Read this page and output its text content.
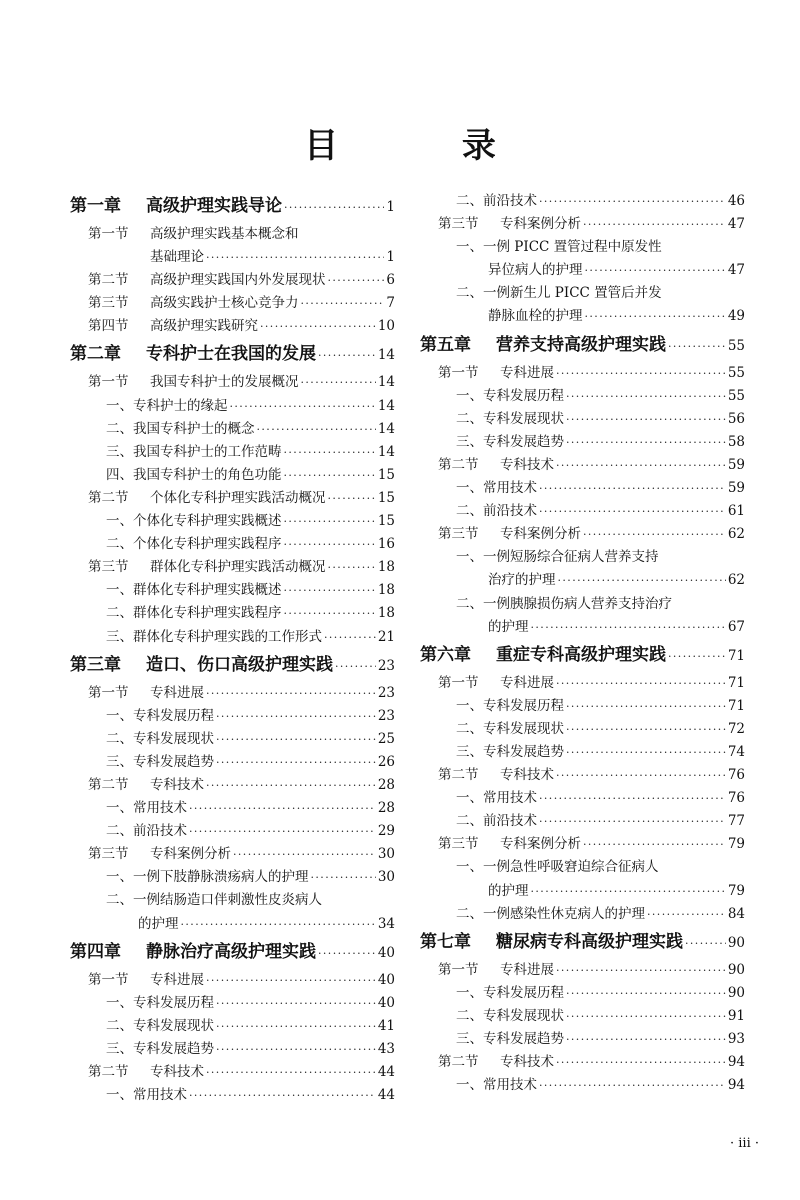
目 录
第一章	高级护理实践导论 ·····	1
第一节	高级护理实践基本概念和
基础理论 ·····	1
第二节	高级护理实践国内外发展现状 ·····	6
第三节	高级实践护士核心竞争力 ·····	7
第四节	高级护理实践研究 ·····	10
第二章	专科护士在我国的发展 ·····	14
第一节	我国专科护士的发展概况 ·····	14
一、专科护士的缘起 ·····	14
二、我国专科护士的概念 ·····	14
三、我国专科护士的工作范畴 ·····	14
四、我国专科护士的角色功能 ·····	15
第二节	个体化专科护理实践活动概况 ·····	15
一、个体化专科护理实践概述 ·····	15
二、个体化专科护理实践程序 ·····	16
第三节	群体化专科护理实践活动概况 ·····	18
一、群体化专科护理实践概述 ·····	18
二、群体化专科护理实践程序 ·····	18
三、群体化专科护理实践的工作形式 ·····	21
第三章	造口、伤口高级护理实践 ·····	23
第一节	专科进展 ·····	23
一、专科发展历程 ·····	23
二、专科发展现状 ·····	25
三、专科发展趋势 ·····	26
第二节	专科技术 ·····	28
一、常用技术 ·····	28
二、前沿技术 ·····	29
第三节	专科案例分析 ·····	30
一、一例下肢静脉溃疡病人的护理 ·····	30
二、一例结肠造口伴刺激性皮炎病人
的护理 ·····	34
第四章	静脉治疗高级护理实践 ·····	40
第一节	专科进展 ·····	40
一、专科发展历程 ·····	40
二、专科发展现状 ·····	41
三、专科发展趋势 ·····	43
第二节	专科技术 ·····	44
一、常用技术 ·····	44
二、前沿技术 ·····	46
第三节	专科案例分析 ·····	47
一、一例 PICC 置管过程中原发性
异位病人的护理 ·····	47
二、一例新生儿 PICC 置管后并发
静脉血栓的护理 ·····	49
第五章	营养支持高级护理实践 ·····	55
第一节	专科进展 ·····	55
一、专科发展历程 ·····	55
二、专科发展现状 ·····	56
三、专科发展趋势 ·····	58
第二节	专科技术 ·····	59
一、常用技术 ·····	59
二、前沿技术 ·····	61
第三节	专科案例分析 ·····	62
一、一例短肠综合征病人营养支持
治疗的护理 ·····	62
二、一例胰腺损伤病人营养支持治疗
的护理 ·····	67
第六章	重症专科高级护理实践 ·····	71
第一节	专科进展 ·····	71
一、专科发展历程 ·····	71
二、专科发展现状 ·····	72
三、专科发展趋势 ·····	74
第二节	专科技术 ·····	76
一、常用技术 ·····	76
二、前沿技术 ·····	77
第三节	专科案例分析 ·····	79
一、一例急性呼吸窘迫综合征病人
的护理 ·····	79
二、一例感染性休克病人的护理 ·····	84
第七章	糖尿病专科高级护理实践 ·····	90
第一节	专科进展 ·····	90
一、专科发展历程 ·····	90
二、专科发展现状 ·····	91
三、专科发展趋势 ·····	93
第二节	专科技术 ·····	94
一、常用技术 ·····	94
· iii ·
